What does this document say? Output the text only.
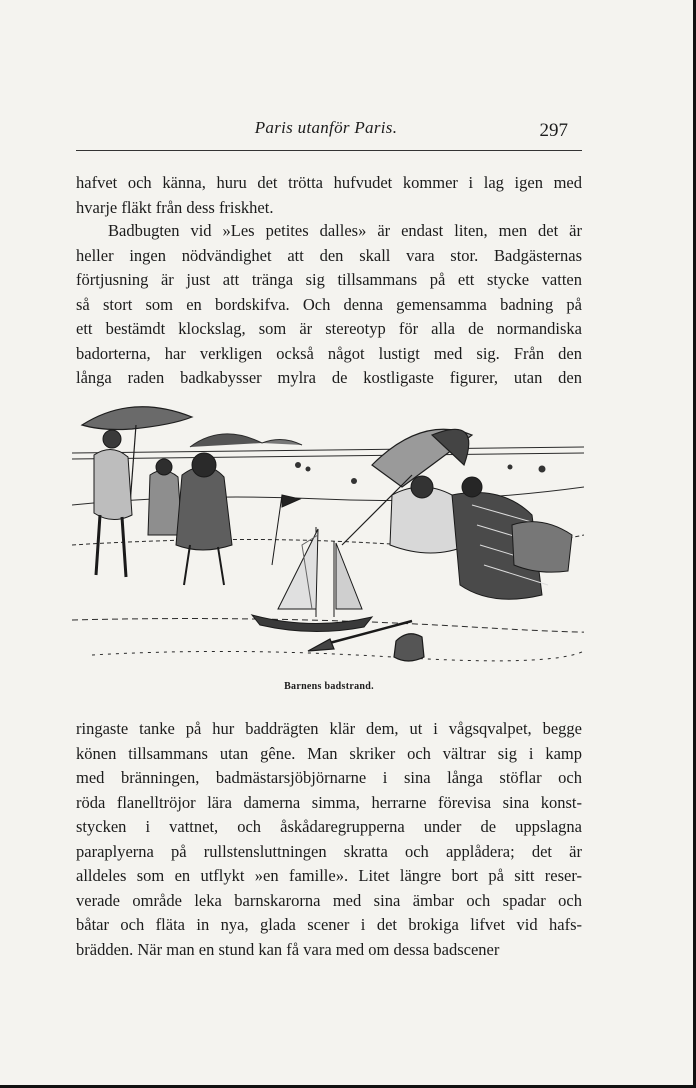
Paris utanför Paris.	297

hafvet och känna, huru det trötta hufvudet kommer i lag igen med
hvarje fläkt från dess friskhet.

Badbugten vid »Les petites dalles» är endast liten, men det är
heller ingen nödvändighet att den skall vara stor. Badgästernas
förtjusning är just att tränga sig tillsammans på ett stycke vatten
så stort som en bordskifva. Och denna gemensamma badning på
ett bestämdt klockslag, som är stereotyp för alla de normandiska
badorterna, har verkligen också något lustigt med sig. Från den
långa raden badkabysser mylra de kostligaste figurer, utan den

Barnens badstrand.

ringaste tanke på hur baddrägten klär dem, ut i vågsqvalpet, begge
könen tillsammans utan gêne. Man skriker och vältrar sig i kamp
med bränningen, badmästarsjöbjörnarne i sina långa stöflar och
röda flanelltröjor lära damerna simma, herrarne förevisa sina konst-
stycken i vattnet, och åskådaregrupperna under de uppslagna
paraplyerna på rullstensluttningen skratta och applådera; det är
alldeles som en utflykt »en famille». Litet längre bort på sitt reser-
verade område leka barnskarorna med sina ämbar och spadar och
båtar och fläta in nya, glada scener i det brokiga lifvet vid hafs-
brädden. När man en stund kan få vara med om dessa badscener
